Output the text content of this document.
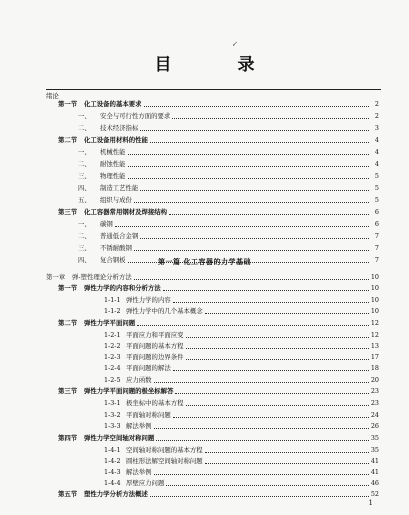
目 录
↙
绪论
第一节 化工设备的基本要求	2
一、 安全与可行性方面的要求	2
二、 技术经济指标	3
第二节 化工设备用材料的性能	4
一、 机械性能	4
二、 耐蚀性能	4
三、 物理性能	5
四、 制造工艺性能	5
五、 组织与成份	5
第三节 化工容器常用钢材及焊接结构	6
一、 碳钢	6
二、 普通低合金钢	7
三、 不锈耐酸钢	7
四、 复合钢板	7
第一章 弹-塑性理论分析方法	10
第一节 弹性力学的内容和分析方法	10
1-1-1 弹性力学的内容	10
1-1-2 弹性力学中的几个基本概念	10
第二节 弹性力学平面问题	12
1-2-1 平面应力和平面应变	12
1-2-2 平面问题的基本方程	13
1-2-3 平面问题的边界条件	17
1-2-4 平面问题的解法	18
1-2-5 应力函数	20
第三节 弹性力学平面问题的极坐标解答	23
1-3-1 极坐标中的基本方程	23
1-3-2 平面轴对称问题	24
1-3-3 解法举例	26
第四节 弹性力学空间轴对称问题	35
1-4-1 空间轴对称问题的基本方程	35
1-4-2 圆柱形法解空间轴对称问题	41
1-4-3 解法举例	41
1-4-4 厚壁应力问题	46
第五节 塑性力学分析方法概述	52
第一篇 化工容器的力学基础
1
